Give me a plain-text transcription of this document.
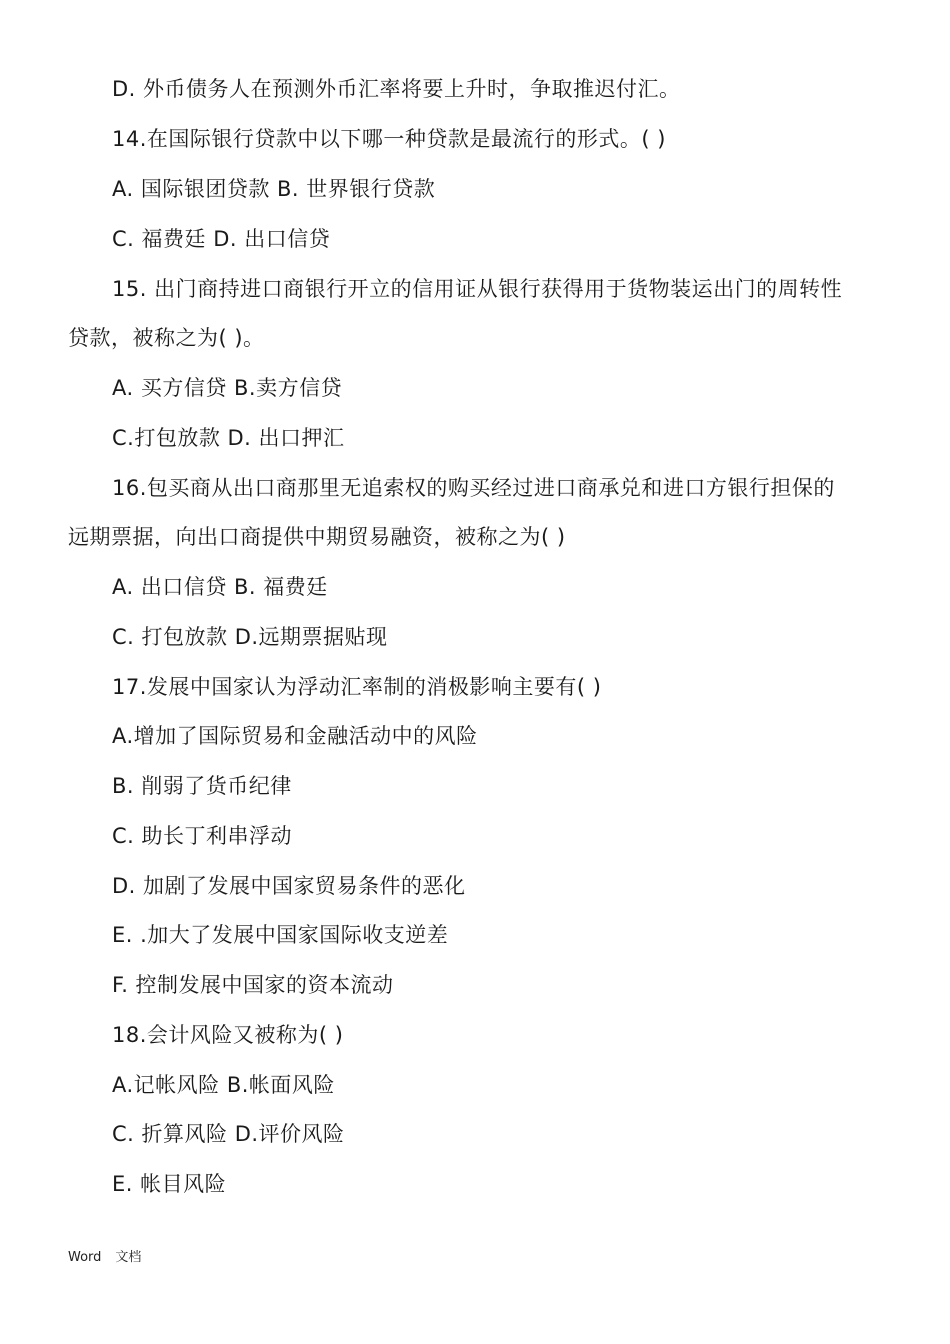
D. 外币债务人在预测外币汇率将要上升时，争取推迟付汇。
14.在国际银行贷款中以下哪一种贷款是最流行的形式。( )
A. 国际银团贷款 B. 世界银行贷款
C. 福费廷 D. 出口信贷
15. 出门商持进口商银行开立的信用证从银行获得用于货物装运出门的周转性
贷款，被称之为( )。
A. 买方信贷 B.卖方信贷
C.打包放款 D. 出口押汇
16.包买商从出口商那里无追索权的购买经过进口商承兑和进口方银行担保的
远期票据，向出口商提供中期贸易融资，被称之为( )
A. 出口信贷 B. 福费廷
C. 打包放款 D.远期票据贴现
17.发展中国家认为浮动汇率制的消极影响主要有( )
A.增加了国际贸易和金融活动中的风险
B. 削弱了货币纪律
C. 助长丁利串浮动
D. 加剧了发展中国家贸易条件的恶化
E. .加大了发展中国家国际收支逆差
F. 控制发展中国家的资本流动
18.会计风险又被称为( )
A.记帐风险 B.帐面风险
C. 折算风险 D.评价风险
E. 帐目风险
Word 文档
